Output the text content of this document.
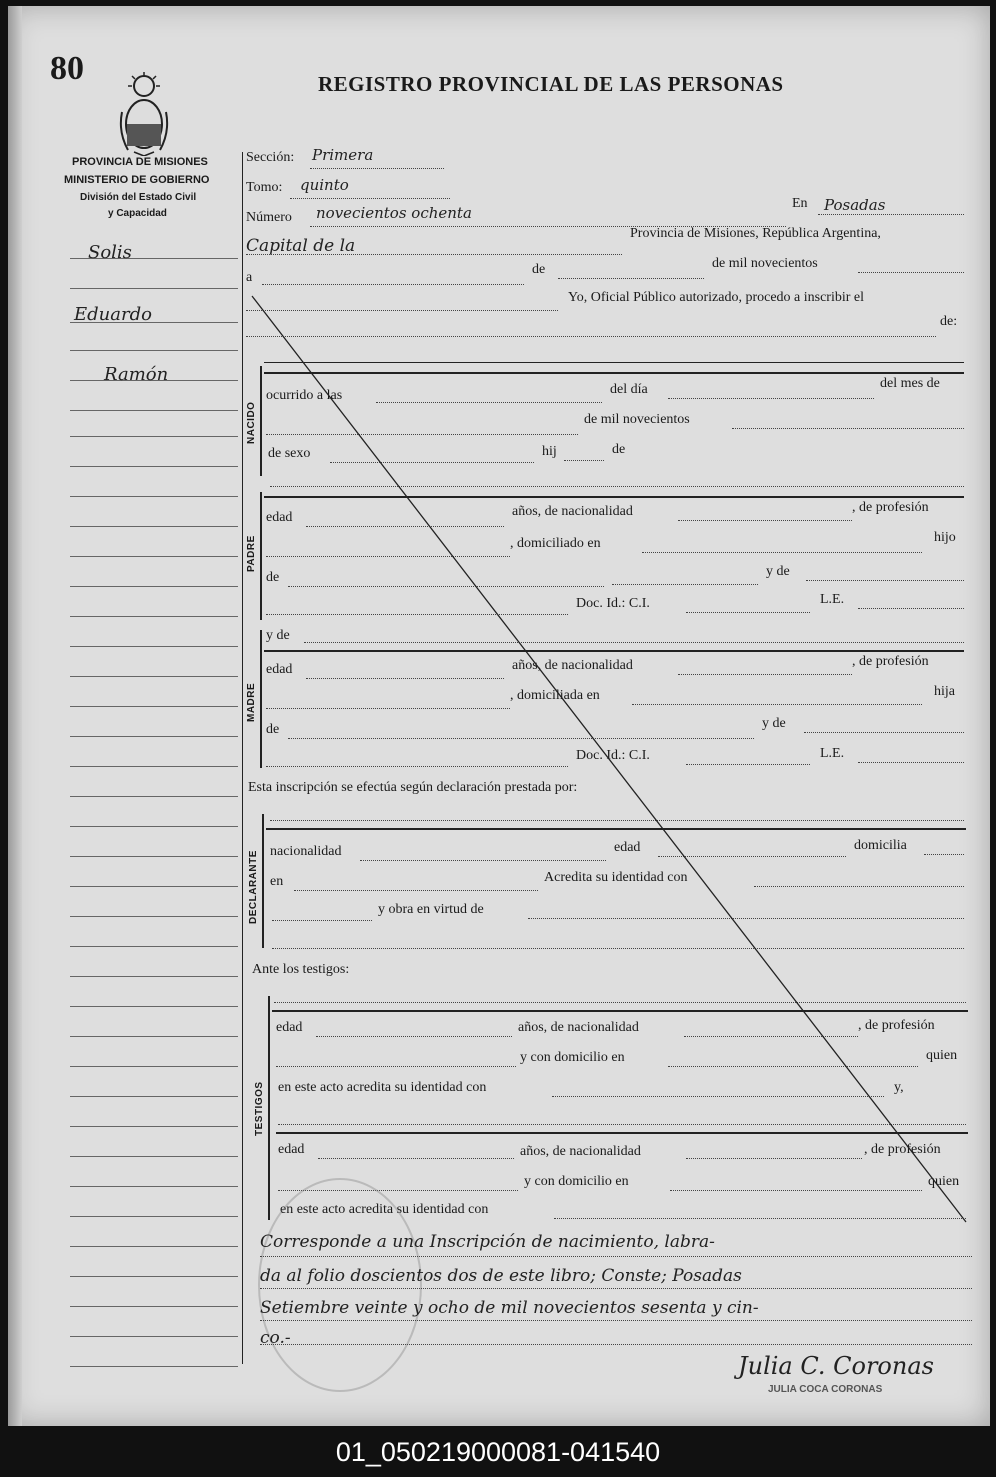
80	REGISTRO PROVINCIAL DE LAS PERSONAS
PROVINCIA DE MISIONES
MINISTERIO DE GOBIERNO
División del Estado Civil
y Capacidad
Solis
Eduardo
Ramón
Sección: Primera
Tomo: quinto
Número novecientos ochenta
En Posadas
Capital de la
Provincia de Misiones, República Argentina,
a
de	de mil novecientos
Yo, Oficial Público autorizado, procedo a inscribir el
de:
NACIDO
ocurrido a las	del día	del mes de
de mil novecientos
de sexo	hij	de
PADRE
edad	años, de nacionalidad	, de profesión
, domiciliado en	hijo
de	y de
Doc. Id.: C.I.	L.E.
MADRE
y de
edad	años, de nacionalidad	, de profesión
, domiciliada en	hija
de	y de
Doc. Id.: C.I.	L.E.
Esta inscripción se efectúa según declaración prestada por:
DECLARANTE nacionalidad	edad	domicilia
en	Acredita su identidad con
y obra en virtud de
Ante los testigos:
TESTIGOS
edad	años, de nacionalidad	, de profesión
y con domicilio en	quien
en este acto acredita su identidad con	y,
edad	años, de nacionalidad	, de profesión
y con domicilio en	quien
en este acto acredita su identidad con
Corresponde a una Inscripción de nacimiento, labra-
da al folio doscientos dos de este libro; Conste; Posadas
Setiembre veinte y ocho de mil novecientos sesenta y cin-
co.-
Julia C. Coronas
JULIA COCA CORONAS
01_050219000081-041540
